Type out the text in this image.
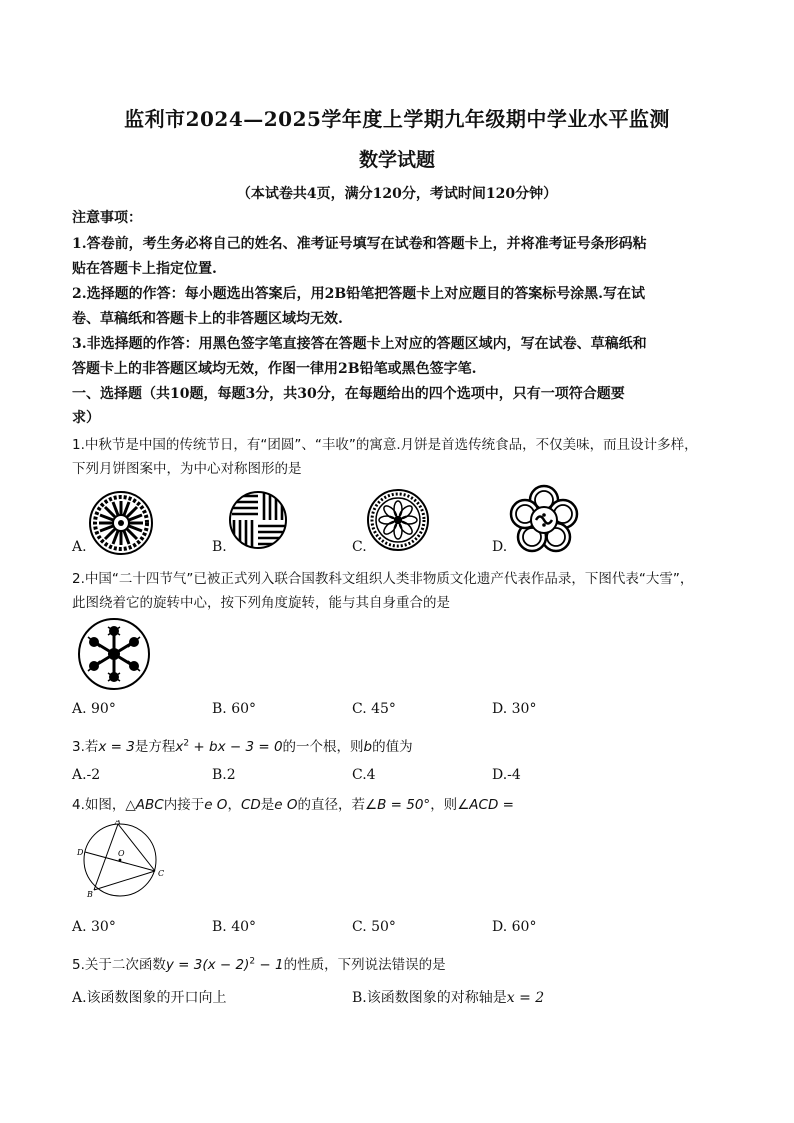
监利市2024—2025学年度上学期九年级期中学业水平监测
数学试题
（本试卷共4页，满分120分，考试时间120分钟）
注意事项：
1.答卷前，考生务必将自己的姓名、准考证号填写在试卷和答题卡上，并将准考证号条形码粘
贴在答题卡上指定位置.
2.选择题的作答：每小题选出答案后，用2B铅笔把答题卡上对应题目的答案标号涂黑.写在试
卷、草稿纸和答题卡上的非答题区域均无效.
3.非选择题的作答：用黑色签字笔直接答在答题卡上对应的答题区域内，写在试卷、草稿纸和
答题卡上的非答题区域均无效，作图一律用2B铅笔或黑色签字笔.
一、选择题（共10题，每题3分，共30分，在每题给出的四个选项中，只有一项符合题要
求）
1.中秋节是中国的传统节日，有“团圆”、“丰收”的寓意.月饼是首选传统食品，不仅美味，而且设计多样，
下列月饼图案中，为中心对称图形的是
A.	B.	C.	D.
2.中国“二十四节气”已被正式列入联合国教科文组织人类非物质文化遗产代表作品录，下图代表“大雪”，
此图绕着它的旋转中心，按下列角度旋转，能与其自身重合的是
A. 90°	B. 60°	C. 45°	D. 30°
3.若x = 3是方程$x^2$ + bx − 3 = 0的一个根，则b的值为
A.-2	B.2	C.4	D.-4
4.如图，△ABC内接于e O，CD是e O的直径，若∠B = 50°，则∠ACD =
A
D	O
B
C
A. 30°	B. 40°	C. 50°	D. 60°
5.关于二次函数$y = 3(x - 2)^2 - 1$的性质，下列说法错误的是
A.该函数图象的开口向上	B.该函数图象的对称轴是x = 2
